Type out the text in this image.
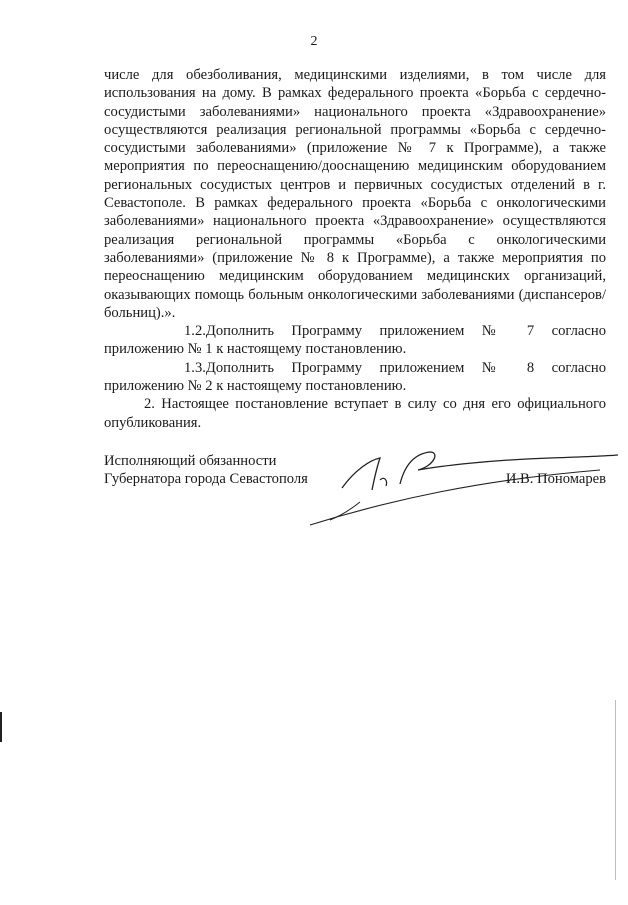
2

числе для обезболивания, медицинскими изделиями, в том числе для использования на дому. В рамках федерального проекта «Борьба с сердечно-сосудистыми заболеваниями» национального проекта «Здравоохранение» осуществляются реализация региональной программы «Борьба с сердечно-сосудистыми заболеваниями» (приложение № 7 к Программе), а также мероприятия по переоснащению/дооснащению медицинским оборудованием региональных сосудистых центров и первичных сосудистых отделений в г. Севастополе. В рамках федерального проекта «Борьба с онкологическими заболеваниями» национального проекта «Здравоохранение» осуществляются реализация региональной программы «Борьба с онкологическими заболеваниями» (приложение № 8 к Программе), а также мероприятия по переоснащению медицинским оборудованием медицинских организаций, оказывающих помощь больным онкологическими заболеваниями (диспансеров/больниц).».

1.2.Дополнить Программу приложением № 7 согласно приложению № 1 к настоящему постановлению.

1.3.Дополнить Программу приложением № 8 согласно приложению № 2 к настоящему постановлению.

2. Настоящее постановление вступает в силу со дня его официального опубликования.

Исполняющий обязанности
Губернатора города Севастополя	И.В. Пономарев
